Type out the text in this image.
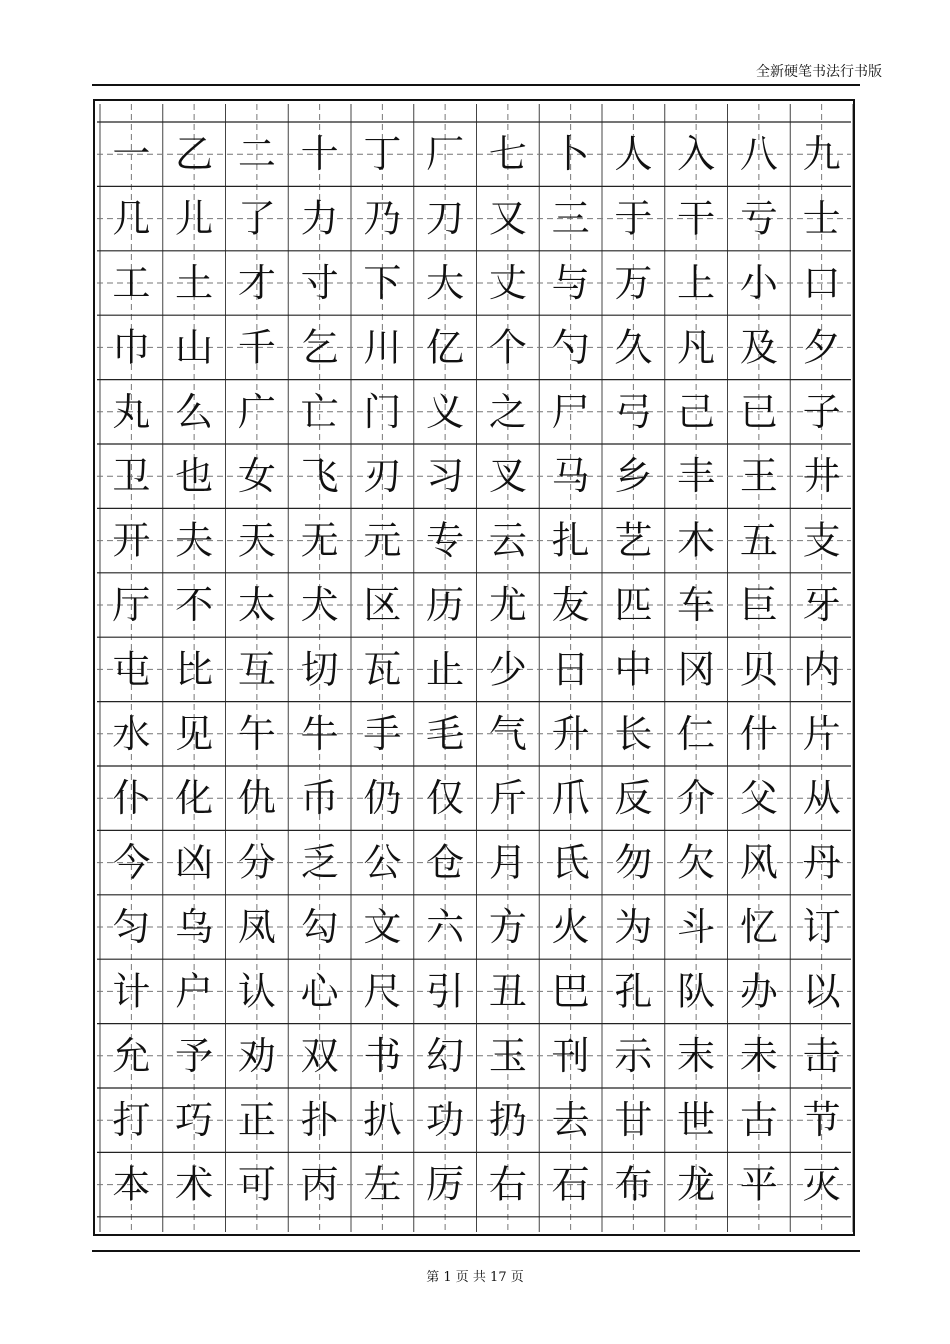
全新硬笔书法行书版
一 乙 二 十 丁 厂 七 卜 人 入 八 九
几 儿 了 力 乃 刀 又 三 于 干 亏 士
工 土 才 寸 下 大 丈 与 万 上 小 口
巾 山 千 乞 川 亿 个 勺 久 凡 及 夕
丸 么 广 亡 门 义 之 尸 弓 己 已 子
卫 也 女 飞 刃 习 叉 马 乡 丰 王 井
开 夫 天 无 元 专 云 扎 艺 木 五 支
厅 不 太 犬 区 历 尤 友 匹 车 巨 牙
屯 比 互 切 瓦 止 少 日 中 冈 贝 内
水 见 午 牛 手 毛 气 升 长 仁 什 片
仆 化 仇 币 仍 仅 斤 爪 反 介 父 从
今 凶 分 乏 公 仓 月 氏 勿 欠 风 丹
匀 乌 凤 勾 文 六 方 火 为 斗 忆 订
计 户 认 心 尺 引 丑 巴 孔 队 办 以
允 予 劝 双 书 幻 玉 刊 示 末 未 击
打 巧 正 扑 扒 功 扔 去 甘 世 古 节
本 术 可 丙 左 厉 右 石 布 龙 平 灭
第 1 页 共 17 页
